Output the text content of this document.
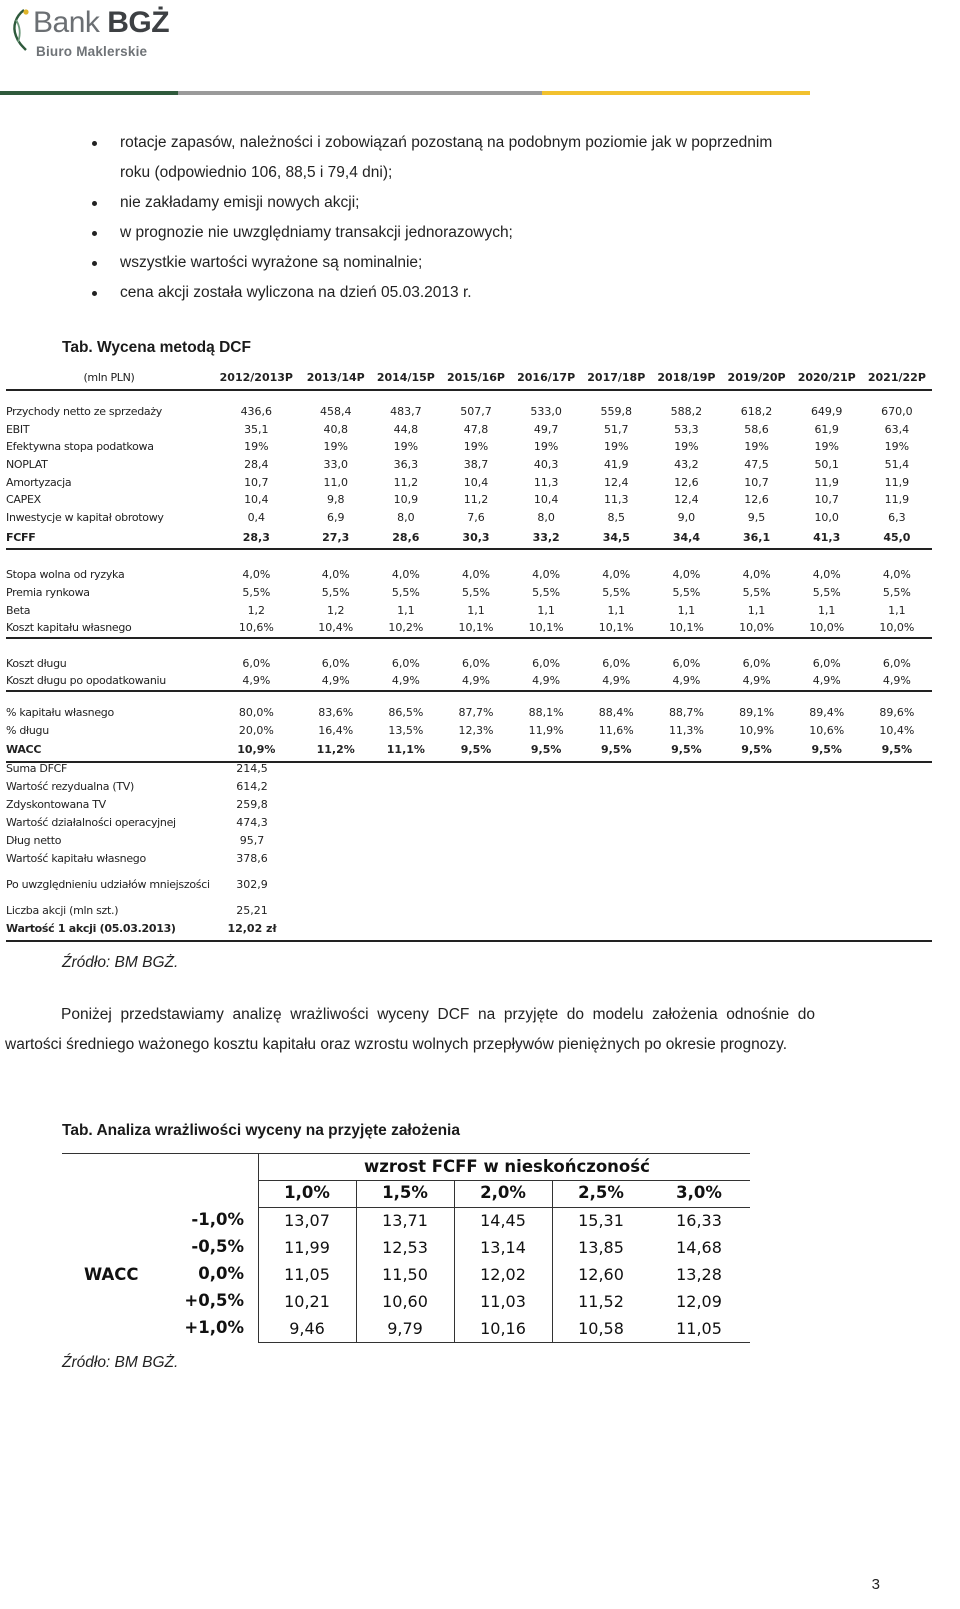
Bank BGŻ
Biuro Maklerskie
rotacje zapasów, należności i zobowiązań pozostaną na podobnym poziomie jak w poprzednim
roku (odpowiednio 106, 88,5 i 79,4 dni);
nie zakładamy emisji nowych akcji;
w prognozie nie uwzględniamy transakcji jednorazowych;
wszystkie wartości wyrażone są nominalnie;
cena akcji została wyliczona na dzień 05.03.2013 r.
Tab. Wycena metodą DCF
(mln PLN)	2012/2013P	2013/14P	2014/15P	2015/16P	2016/17P	2017/18P	2018/19P	2019/20P	2020/21P	2021/22P

Przychody netto ze sprzedaży	436,6	458,4	483,7	507,7	533,0	559,8	588,2	618,2	649,9	670,0
EBIT	35,1	40,8	44,8	47,8	49,7	51,7	53,3	58,6	61,9	63,4
Efektywna stopa podatkowa	19%	19%	19%	19%	19%	19%	19%	19%	19%	19%
NOPLAT	28,4	33,0	36,3	38,7	40,3	41,9	43,2	47,5	50,1	51,4
Amortyzacja	10,7	11,0	11,2	10,4	11,3	12,4	12,6	10,7	11,9	11,9
CAPEX	10,4	9,8	10,9	11,2	10,4	11,3	12,4	12,6	10,7	11,9
Inwestycje w kapitał obrotowy	0,4	6,9	8,0	7,6	8,0	8,5	9,0	9,5	10,0	6,3
FCFF	28,3	27,3	28,6	30,3	33,2	34,5	34,4	36,1	41,3	45,0

Stopa wolna od ryzyka	4,0%	4,0%	4,0%	4,0%	4,0%	4,0%	4,0%	4,0%	4,0%	4,0%
Premia rynkowa	5,5%	5,5%	5,5%	5,5%	5,5%	5,5%	5,5%	5,5%	5,5%	5,5%
Beta	1,2	1,2	1,1	1,1	1,1	1,1	1,1	1,1	1,1	1,1
Koszt kapitału własnego	10,6%	10,4%	10,2%	10,1%	10,1%	10,1%	10,1%	10,0%	10,0%	10,0%

Koszt długu	6,0%	6,0%	6,0%	6,0%	6,0%	6,0%	6,0%	6,0%	6,0%	6,0%
Koszt długu po opodatkowaniu	4,9%	4,9%	4,9%	4,9%	4,9%	4,9%	4,9%	4,9%	4,9%	4,9%

% kapitału własnego	80,0%	83,6%	86,5%	87,7%	88,1%	88,4%	88,7%	89,1%	89,4%	89,6%
% długu	20,0%	16,4%	13,5%	12,3%	11,9%	11,6%	11,3%	10,9%	10,6%	10,4%
WACC	10,9%	11,2%	11,1%	9,5%	9,5%	9,5%	9,5%	9,5%	9,5%	9,5%
Suma DFCF	214,5
Wartość rezydualna (TV)	614,2
Zdyskontowana TV	259,8
Wartość działalności operacyjnej	474,3
Dług netto	95,7
Wartość kapitału własnego	378,6
Po uwzględnieniu udziałów mniejszości	302,9
Liczba akcji (mln szt.)	25,21
Wartość 1 akcji (05.03.2013)	12,02 zł
Źródło: BM BGŻ.
Poniżej przedstawiamy analizę wrażliwości wyceny DCF na przyjęte do modelu założenia odnośnie do wartości średniego ważonego kosztu kapitału oraz wzrostu wolnych przepływów pieniężnych po okresie prognozy.
Tab. Analiza wrażliwości wyceny na przyjęte założenia
wzrost FCFF w nieskończoność
WACC
1,0%	1,5%	2,0%	2,5%	3,0%
-1,0%	13,07	13,71	14,45	15,31	16,33
-0,5%	11,99	12,53	13,14	13,85	14,68
0,0%	11,05	11,50	12,02	12,60	13,28
+0,5%	10,21	10,60	11,03	11,52	12,09
+1,0%	9,46	9,79	10,16	10,58	11,05
Źródło: BM BGŻ.
3
